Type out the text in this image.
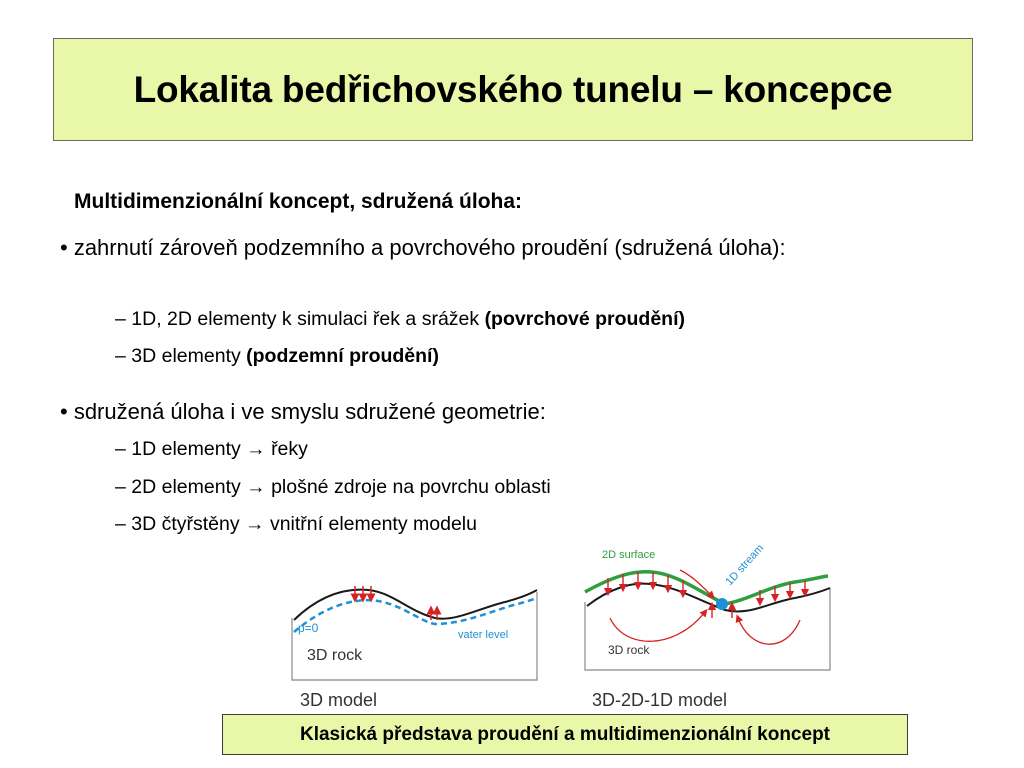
Lokalita bedřichovského tunelu – koncepce
Multidimenzionální koncept, sdružená úloha:
• zahrnutí zároveň podzemního a povrchového proudění (sdružená úloha):
– 1D, 2D elementy k simulaci řek a srážek (povrchové proudění)
– 3D elementy (podzemní proudění)
• sdružená úloha i ve smyslu sdružené geometrie:
– 1D elementy → řeky
– 2D elementy → plošné zdroje na povrchu oblasti
– 3D čtyřstěny → vnitřní elementy modelu
p=0	vater level
3D rock
3D model
2D surface	1D stream
3D rock
3D-2D-1D model
Klasická představa proudění a multidimenzionální koncept
